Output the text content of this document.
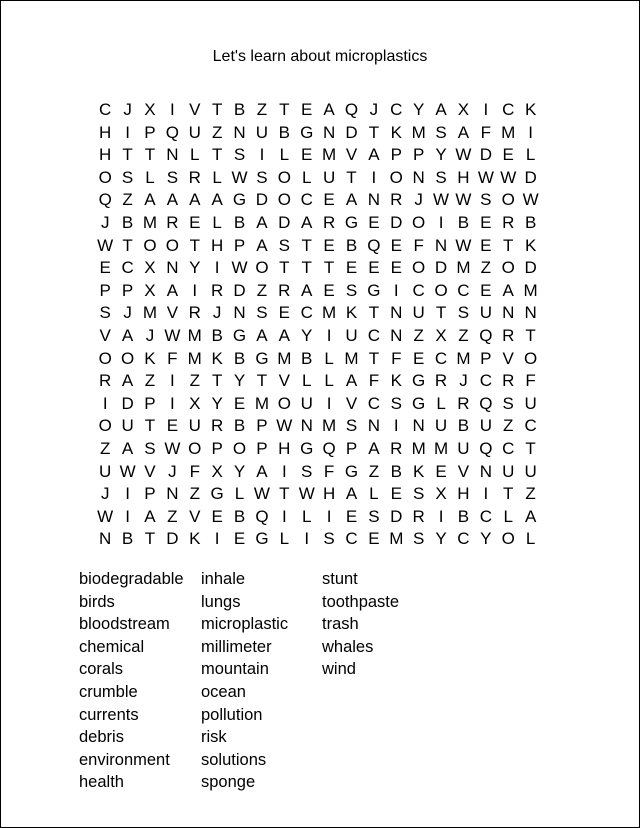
Let's learn about microplastics
C J X I V T B Z T E A Q J C Y A X I C K
H I P Q U Z N U B G N D T K M S A F M I
H T T N L T S I L E M V A P P Y W D E L
O S L S R L W S O L U T I O N S H W W D
Q Z A A A A G D O C E A N R J W W S O W
J B M R E L B A D A R G E D O I B E R B
W T O O T H P A S T E B Q E F N W E T K
E C X N Y I W O T T T E E E O D M Z O D
P P X A I R D Z R A E S G I C O C E A M
S J M V R J N S E C M K T N U T S U N N
V A J W M B G A A Y I U C N Z X Z Q R T
O O K F M K B G M B L M T F E C M P V O
R A Z I Z T Y T V L L A F K G R J C R F
I D P I X Y E M O U I V C S G L R Q S U
O U T E U R B P W N M S N I N U B U Z C
Z A S W O P O P H G Q P A R M M U Q C T
U W V J F X Y A I S F G Z B K E V N U U
J I P N Z G L W T W H A L E S X H I T Z
W I A Z V E B Q I L I E S D R I B C L A
N B T D K I E G L I S C E M S Y C Y O L
biodegradable
birds
bloodstream
chemical
corals
crumble
currents
debris
environment
health
inhale
lungs
microplastic
millimeter
mountain
ocean
pollution
risk
solutions
sponge
stunt
toothpaste
trash
whales
wind
